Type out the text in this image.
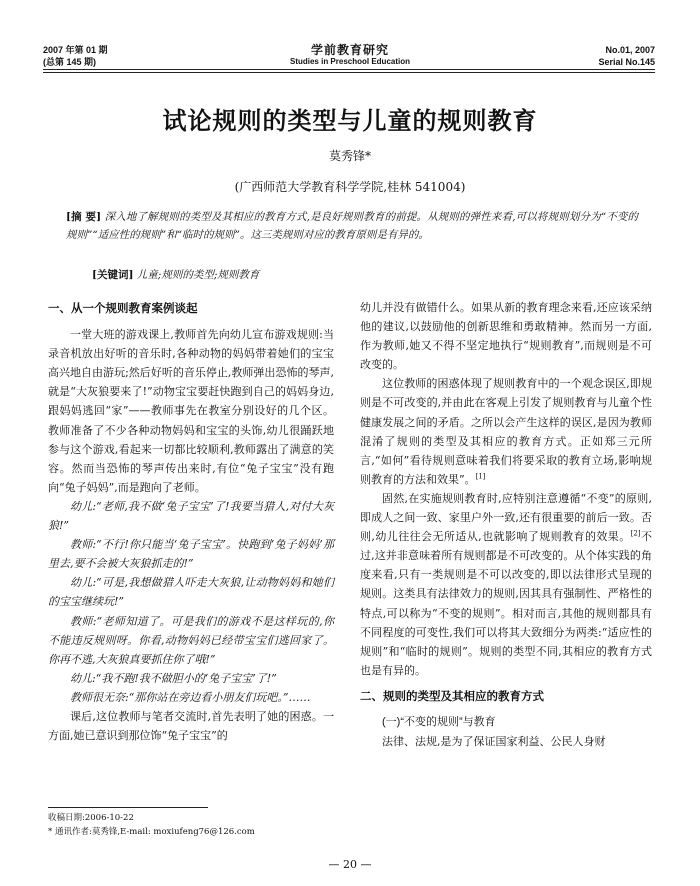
2007 年第 01 期
(总第 145 期)
学前教育研究
Studies in Preschool Education
No.01, 2007
Serial No.145
试论规则的类型与儿童的规则教育
莫秀锋*
(广西师范大学教育科学学院,桂林 541004)
[摘 要] 深入地了解规则的类型及其相应的教育方式,是良好规则教育的前提。从规则的弹性来看,可以将规则划分为“不变的规则”“适应性的规则”和“临时的规则”。这三类规则对应的教育原则是有异的。
[关键词] 儿童;规则的类型;规则教育

一、从一个规则教育案例谈起

一堂大班的游戏课上,教师首先向幼儿宣布游戏规则:当录音机放出好听的音乐时,各种动物的妈妈带着她们的宝宝高兴地自由游玩;然后好听的音乐停止,教师弹出恐怖的琴声,就是“大灰狼要来了!”动物宝宝要赶快跑到自己的妈妈身边,跟妈妈逃回“家”——教师事先在教室分别设好的几个区。教师准备了不少各种动物妈妈和宝宝的头饰,幼儿很踊跃地参与这个游戏,看起来一切都比较顺利,教师露出了满意的笑容。然而当恐怖的琴声传出来时,有位“兔子宝宝”没有跑向“兔子妈妈”,而是跑向了老师。

幼儿:“老师,我不做‘兔子宝宝’了!我要当猎人,对付大灰狼!”

教师:“不行!你只能当‘兔子宝宝’。快跑到‘兔子妈妈’那里去,要不会被大灰狼抓走的!”

幼儿:“可是,我想做猎人吓走大灰狼,让动物妈妈和她们的宝宝继续玩!”

教师:“老师知道了。可是我们的游戏不是这样玩的,你不能违反规则呀。你看,动物妈妈已经带宝宝们逃回家了。你再不逃,大灰狼真要抓住你了哦!”

幼儿:“我不跑!我不做胆小的‘兔子宝宝’了!”

教师很无奈:“那你站在旁边看小朋友们玩吧。”……

课后,这位教师与笔者交流时,首先表明了她的困惑。一方面,她已意识到那位饰“兔子宝宝”的

幼儿并没有做错什么。如果从新的教育理念来看,还应该采纳他的建议,以鼓励他的创新思维和勇敢精神。然而另一方面,作为教师,她又不得不坚定地执行“规则教育”,而规则是不可改变的。

这位教师的困惑体现了规则教育中的一个观念误区,即规则是不可改变的,并由此在客观上引发了规则教育与儿童个性健康发展之间的矛盾。之所以会产生这样的误区,是因为教师混淆了规则的类型及其相应的教育方式。正如郑三元所言,“如何”看待规则意味着我们将要采取的教育立场,影响规则教育的方法和效果”。[1]

固然,在实施规则教育时,应特别注意遵循“不变”的原则,即成人之间一致、家里户外一致,还有很重要的前后一致。否则,幼儿往往会无所适从,也就影响了规则教育的效果。[2]不过,这并非意味着所有规则都是不可改变的。从个体实践的角度来看,只有一类规则是不可以改变的,即以法律形式呈现的规则。这类具有法律效力的规则,因其具有强制性、严格性的特点,可以称为“不变的规则”。相对而言,其他的规则都具有不同程度的可变性,我们可以将其大致细分为两类:“适应性的规则”和“临时的规则”。规则的类型不同,其相应的教育方式也是有异的。

二、规则的类型及其相应的教育方式

(一)“不变的规则”与教育

法律、法规,是为了保证国家利益、公民人身财

收稿日期:2006-10-22
* 通讯作者:莫秀锋,E-mail: moxiufeng76@126.com
— 20 —
